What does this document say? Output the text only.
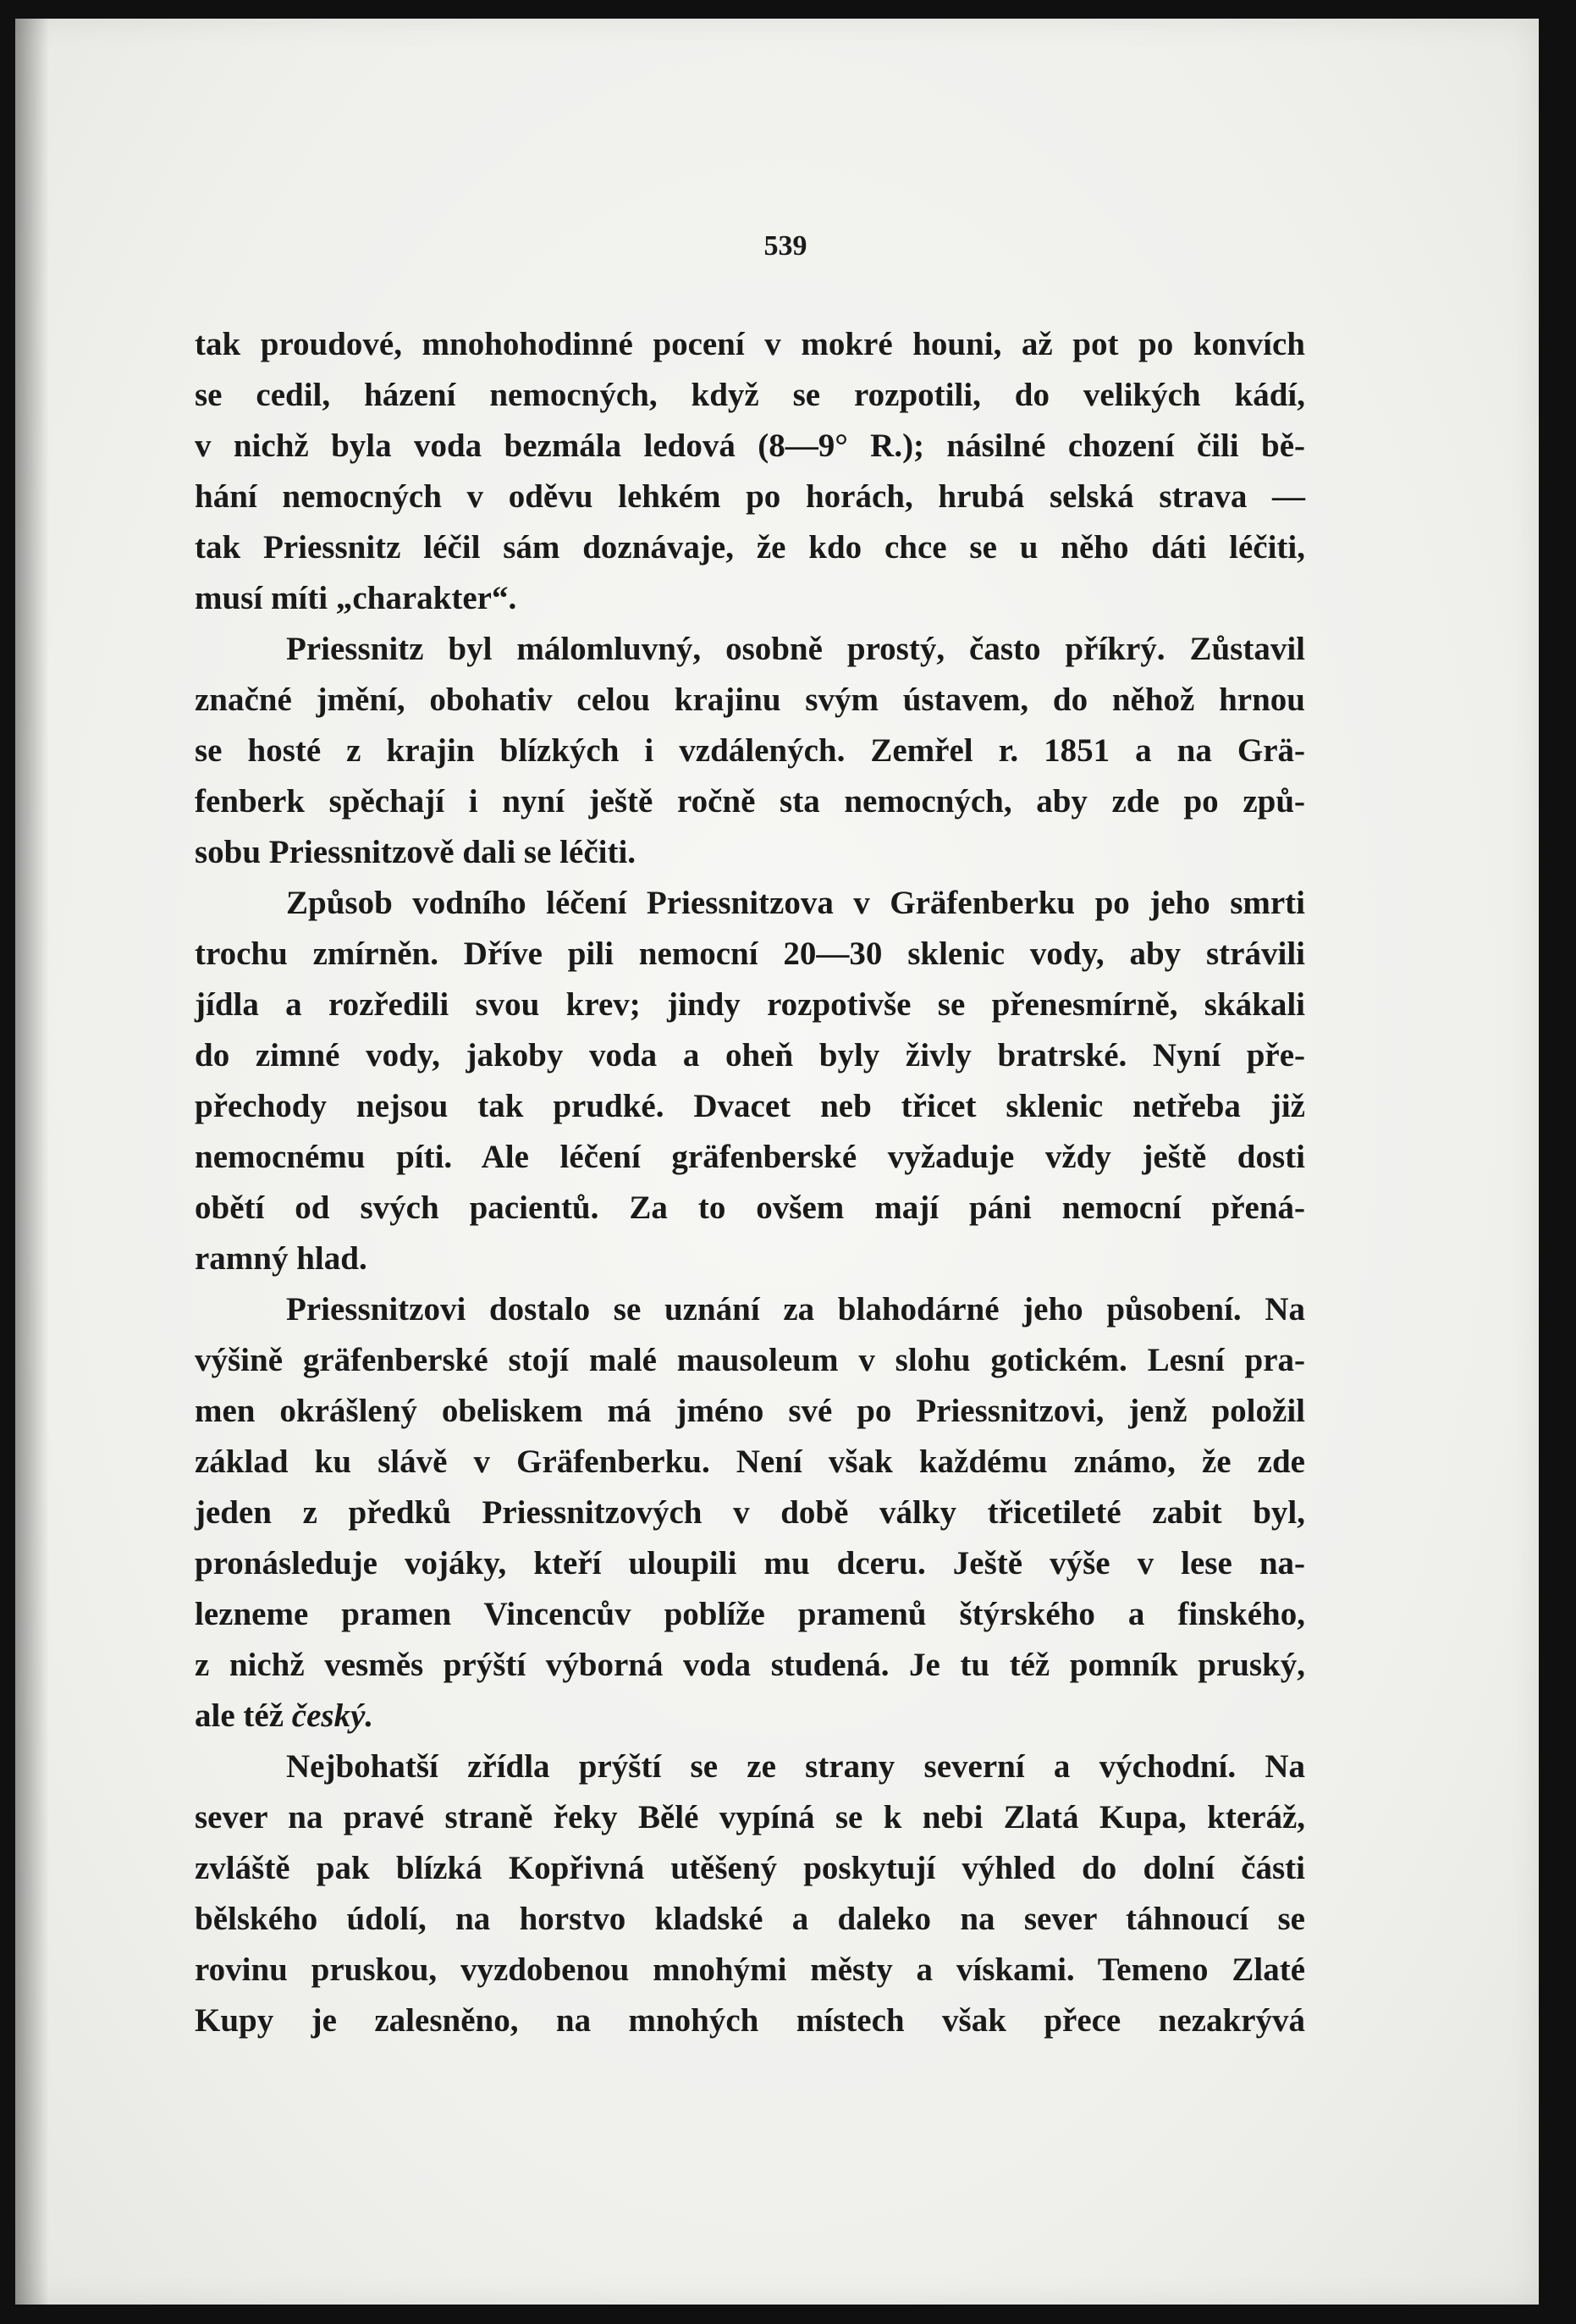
539
tak proudové, mnohohodinné pocení v mokré houni, až pot po konvích
se cedil, házení nemocných, když se rozpotili, do velikých kádí,
v nichž byla voda bezmála ledová (8—9° R.); násilné chození čili bě-
hání nemocných v oděvu lehkém po horách, hrubá selská strava —
tak Priessnitz léčil sám doznávaje, že kdo chce se u něho dáti léčiti,
musí míti „charakter“.
Priessnitz byl málomluvný, osobně prostý, často příkrý. Zůstavil
značné jmění, obohativ celou krajinu svým ústavem, do něhož hrnou
se hosté z krajin blízkých i vzdálených. Zemřel r. 1851 a na Grä-
fenberk spěchají i nyní ještě ročně sta nemocných, aby zde po způ-
sobu Priessnitzově dali se léčiti.
Způsob vodního léčení Priessnitzova v Gräfenberku po jeho smrti
trochu zmírněn. Dříve pili nemocní 20—30 sklenic vody, aby strávili
jídla a rozředili svou krev; jindy rozpotivše se přenesmírně, skákali
do zimné vody, jakoby voda a oheň byly živly bratrské. Nyní pře-
přechody nejsou tak prudké. Dvacet neb třicet sklenic netřeba již
nemocnému píti. Ale léčení gräfenberské vyžaduje vždy ještě dosti
obětí od svých pacientů. Za to ovšem mají páni nemocní přená-
ramný hlad.
Priessnitzovi dostalo se uznání za blahodárné jeho působení. Na
výšině gräfenberské stojí malé mausoleum v slohu gotickém. Lesní pra-
men okrášlený obeliskem má jméno své po Priessnitzovi, jenž položil
základ ku slávě v Gräfenberku. Není však každému známo, že zde
jeden z předků Priessnitzových v době války třicetileté zabit byl,
pronásleduje vojáky, kteří uloupili mu dceru. Ještě výše v lese na-
lezneme pramen Vincencův poblíže pramenů štýrského a finského,
z nichž vesměs prýští výborná voda studená. Je tu též pomník pruský,
ale též český.
Nejbohatší zřídla prýští se ze strany severní a východní. Na
sever na pravé straně řeky Bělé vypíná se k nebi Zlatá Kupa, kteráž,
zvláště pak blízká Kopřivná utěšený poskytují výhled do dolní části
bělského údolí, na horstvo kladské a daleko na sever táhnoucí se
rovinu pruskou, vyzdobenou mnohými městy a vískami. Temeno Zlaté
Kupy je zalesněno, na mnohých místech však přece nezakrývá
